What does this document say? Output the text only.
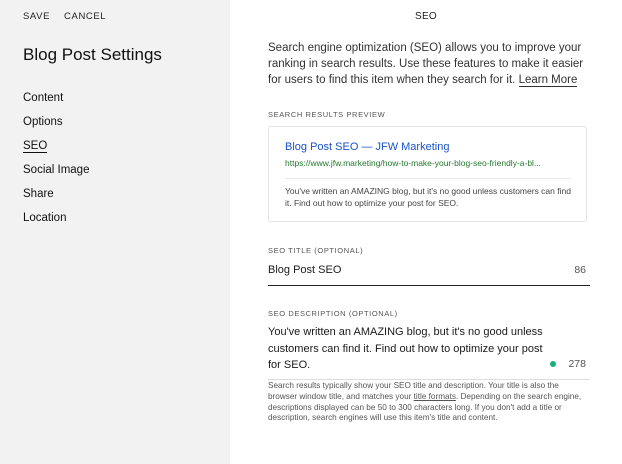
SAVE CANCEL
Blog Post Settings
Content
Options
SEO
Social Image
Share
Location
SEO

Search engine optimization (SEO) allows you to improve your ranking in search results. Use these features to make it easier for users to find this item when they search for it. Learn More

SEARCH RESULTS PREVIEW
Blog Post SEO — JFW Marketing
https://www.jfw.marketing/how-to-make-your-blog-seo-friendly-a-bl...
You've written an AMAZING blog, but it's no good unless customers can find it. Find out how to optimize your post for SEO.
SEO TITLE (OPTIONAL)
Blog Post SEO	86
SEO DESCRIPTION (OPTIONAL)
You've written an AMAZING blog, but it's no good unless customers can find it. Find out how to optimize your post for SEO.	278

Search results typically show your SEO title and description. Your title is also the browser window title, and matches your title formats. Depending on the search engine, descriptions displayed can be 50 to 300 characters long. If you don't add a title or description, search engines will use this item's title and content.
